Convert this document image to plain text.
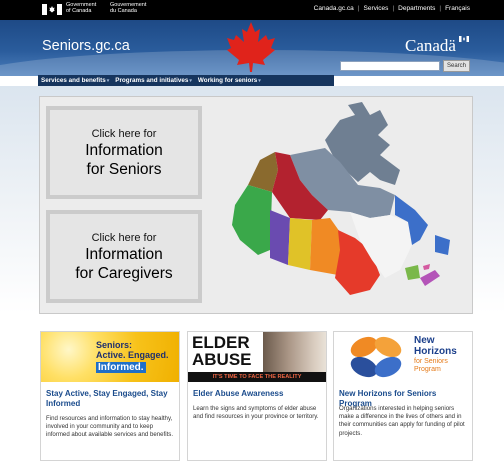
Government
of Canada
Gouvernement
du Canada	Canada.gc.ca | Services | Departments | Français
Seniors.gc.ca	Canadä
Search
Services and benefits▾ Programs and initiatives▾ Working for seniors▾
Click here for
Information
for Seniors
Click here for
Information
for Caregivers
Seniors:
Active. Engaged.
Informed.
Stay Active, Stay Engaged, Stay Informed
Find resources and information to stay healthy, involved in your community and to keep informed about available services and benefits.
ELDER
ABUSE
IT'S TIME TO FACE THE REALITY
Elder Abuse Awareness
Learn the signs and symptoms of elder abuse and find resources in your province or territory.
New
Horizons
for Seniors
Program
New Horizons for Seniors Program
Organizations interested in helping seniors make a difference in the lives of others and in their communities can apply for funding of pilot projects.
